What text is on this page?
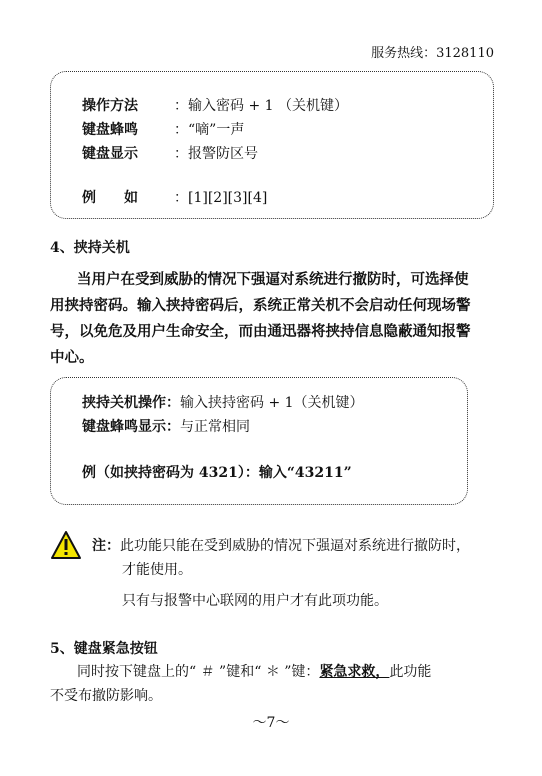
服务热线：3128110
操作方法	：输入密码 + 1 （关机键）
键盘蜂鸣	：“嘀”一声
键盘显示	：报警防区号
例　　如	：[1][2][3][4]
4、挟持关机
当用户在受到威胁的情况下强逼对系统进行撤防时，可选择使
用挟持密码。输入挟持密码后，系统正常关机不会启动任何现场警
号，以免危及用户生命安全，而由通迅器将挟持信息隐蔽通知报警
中心。
挟持关机操作：输入挟持密码 + 1（关机键）
键盘蜂鸣显示：与正常相同
例（如挟持密码为 4321）：输入“43211”
注：此功能只能在受到威胁的情况下强逼对系统进行撤防时，
才能使用。
只有与报警中心联网的用户才有此项功能。
5、键盘紧急按钮
同时按下键盘上的“ ＃ ”键和“ ＊ ”键：紧急求救，此功能
不受布撤防影响。
～7～
